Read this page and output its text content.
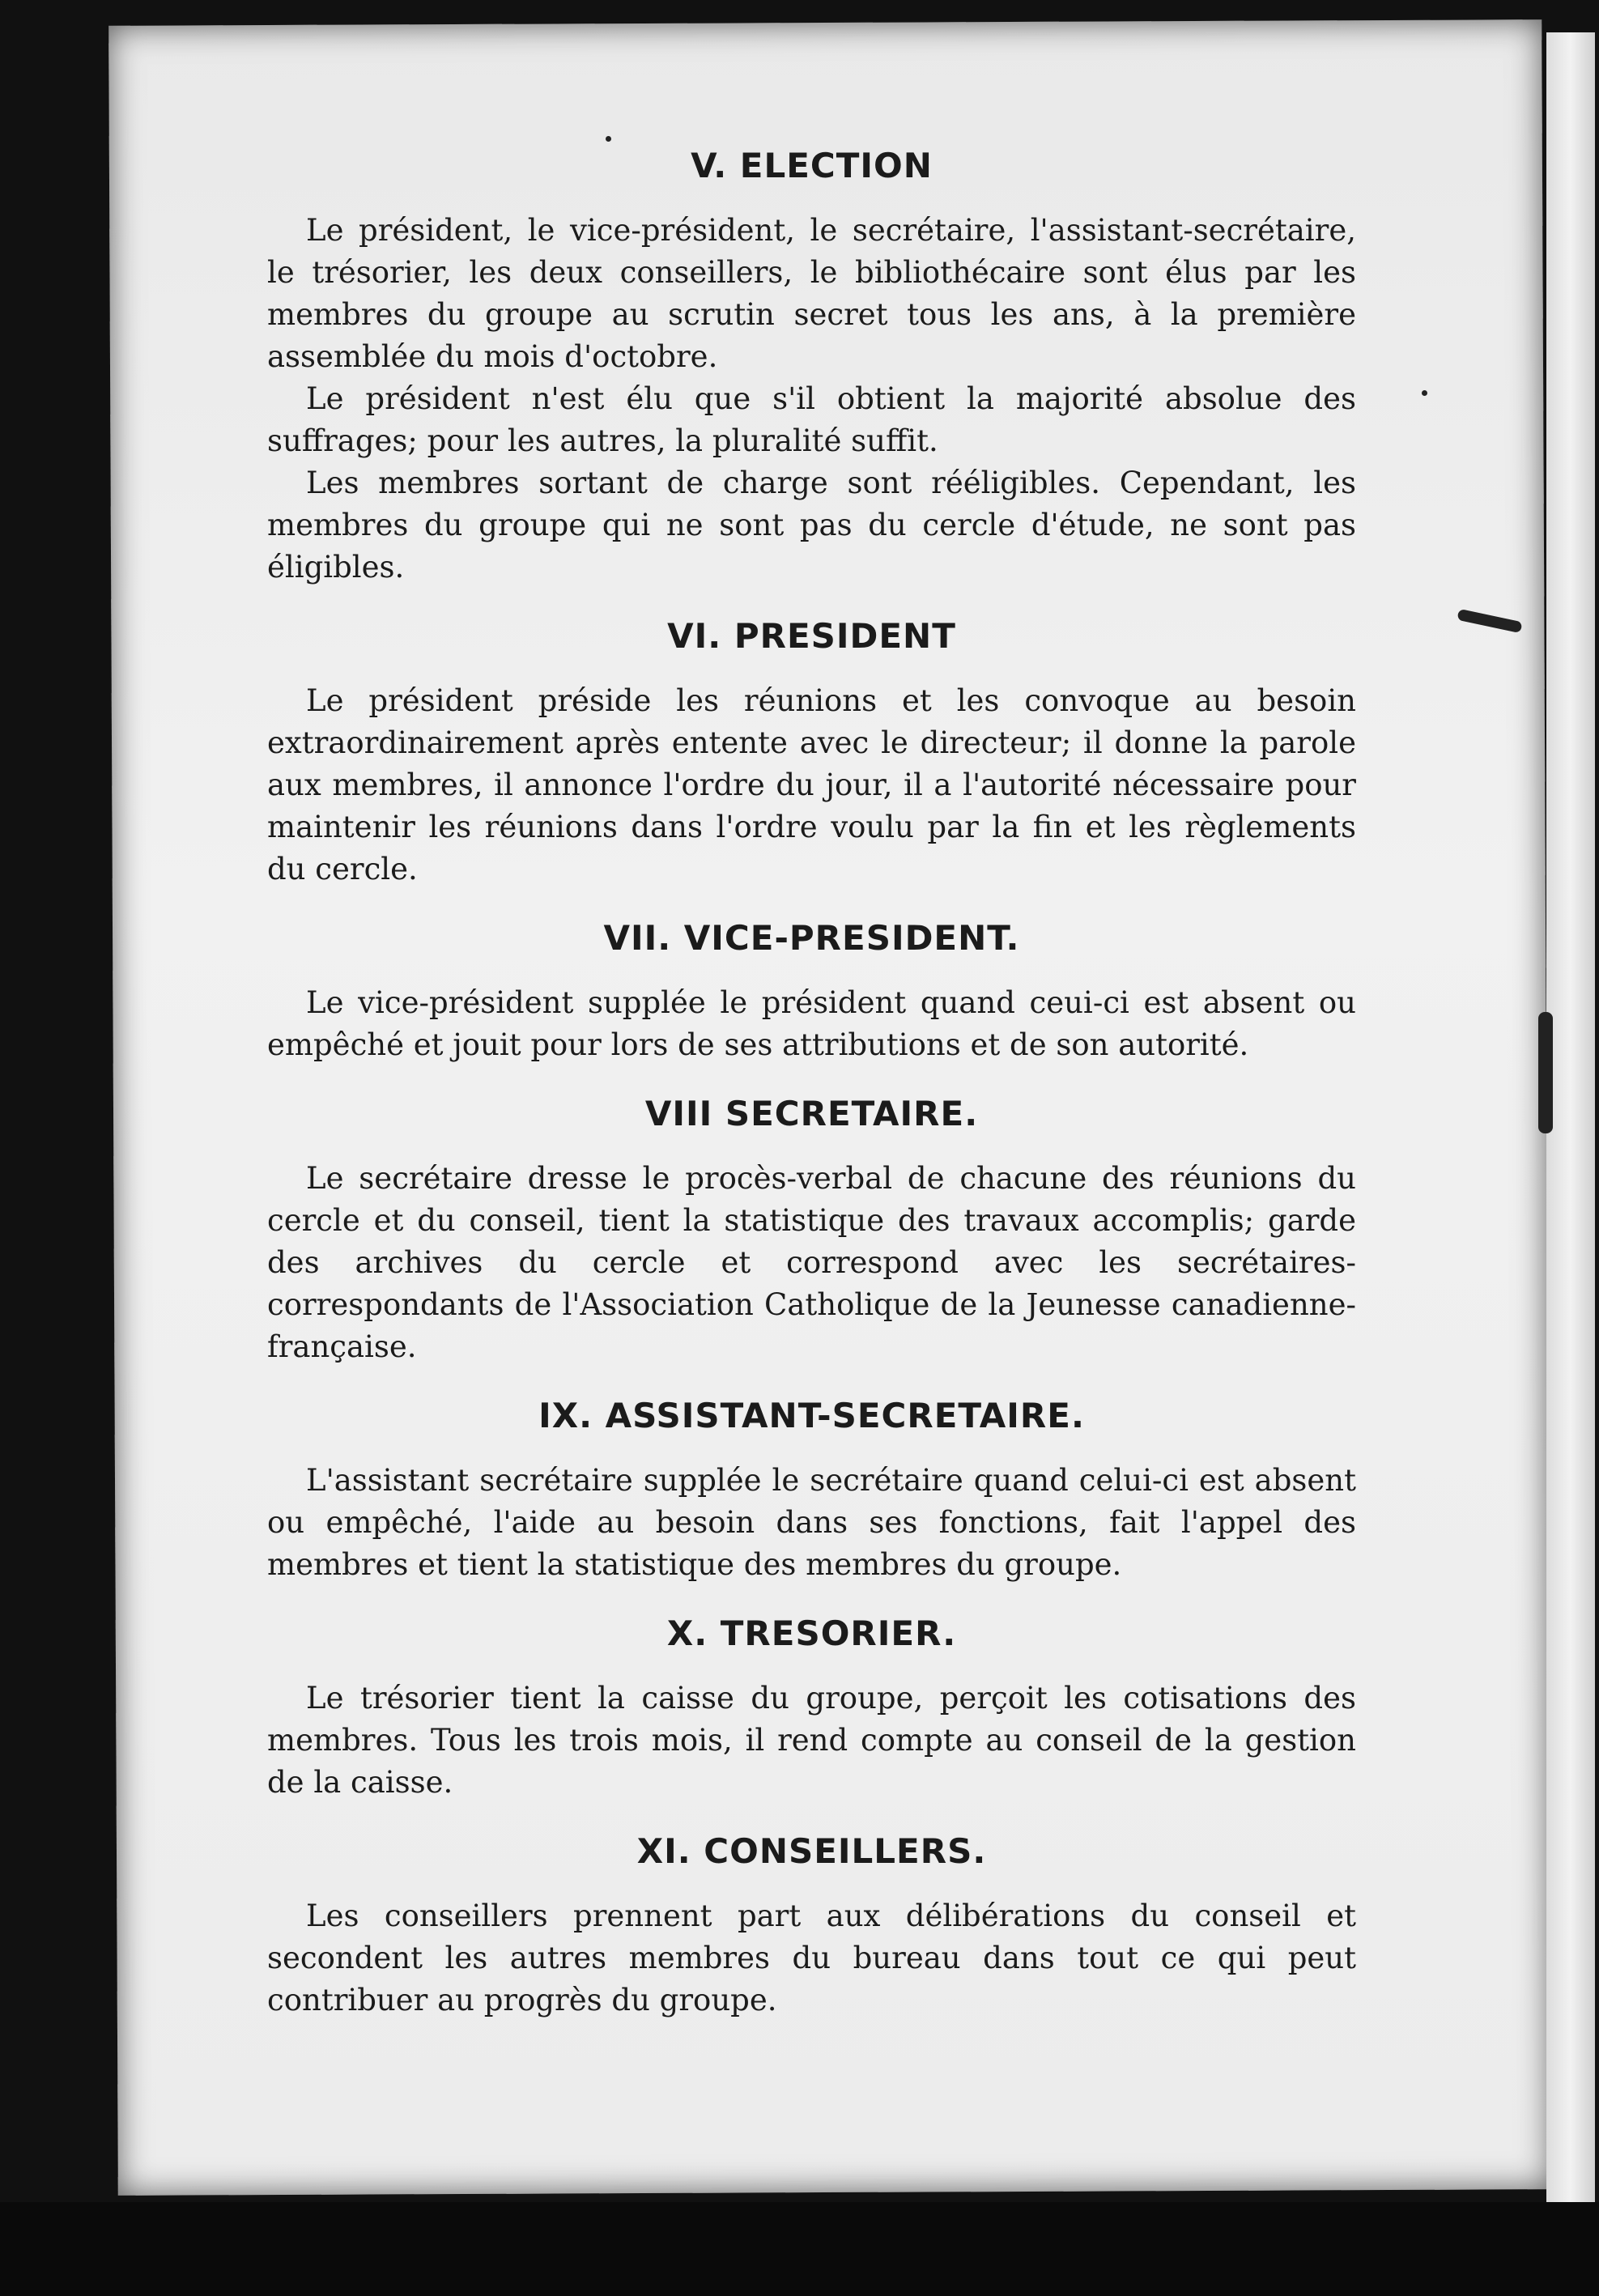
V. ELECTION

Le président, le vice-président, le secrétaire, l'assistant-secrétaire, le trésorier, les deux conseillers, le bibliothécaire sont élus par les membres du groupe au scrutin secret tous les ans, à la première assemblée du mois d'octobre.

Le président n'est élu que s'il obtient la majorité absolue des suffrages; pour les autres, la pluralité suffit.

Les membres sortant de charge sont rééligibles. Cependant, les membres du groupe qui ne sont pas du cercle d'étude, ne sont pas éligibles.

VI. PRESIDENT

Le président préside les réunions et les convoque au besoin extraordinairement après entente avec le directeur; il donne la parole aux membres, il annonce l'ordre du jour, il a l'autorité nécessaire pour maintenir les réunions dans l'ordre voulu par la fin et les règlements du cercle.

VII. VICE-PRESIDENT.

Le vice-président supplée le président quand ceui-ci est absent ou empêché et jouit pour lors de ses attributions et de son autorité.

VIII SECRETAIRE.

Le secrétaire dresse le procès-verbal de chacune des réunions du cercle et du conseil, tient la statistique des travaux accomplis; garde des archives du cercle et correspond avec les secrétaires-correspondants de l'Association Catholique de la Jeunesse canadienne-française.

IX. ASSISTANT-SECRETAIRE.

L'assistant secrétaire supplée le secrétaire quand celui-ci est absent ou empêché, l'aide au besoin dans ses fonctions, fait l'appel des membres et tient la statistique des membres du groupe.

X. TRESORIER.

Le trésorier tient la caisse du groupe, perçoit les cotisations des membres. Tous les trois mois, il rend compte au conseil de la gestion de la caisse.

XI. CONSEILLERS.

Les conseillers prennent part aux délibérations du conseil et secondent les autres membres du bureau dans tout ce qui peut contribuer au progrès du groupe.
